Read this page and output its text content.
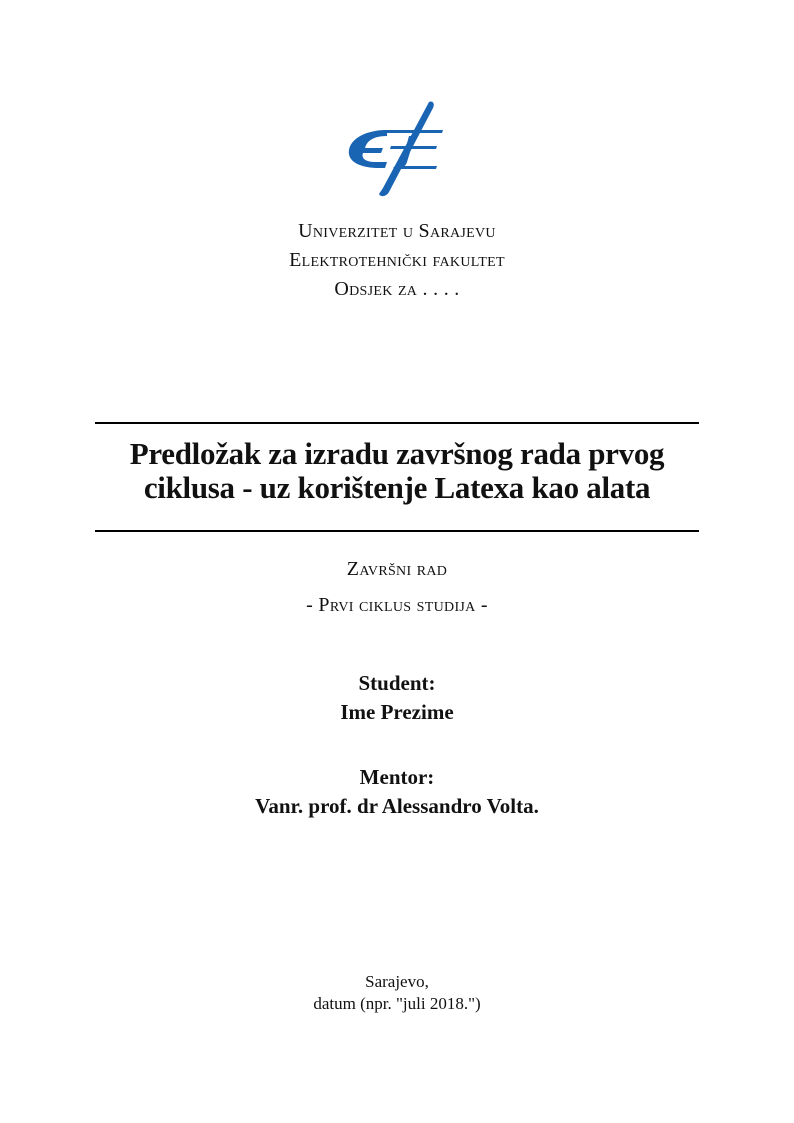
Univerzitet u Sarajevu
Elektrotehnički fakultet
Odsjek za . . . .
Predložak za izradu završnog rada prvog
ciklusa - uz korištenje Latexa kao alata
Završni rad
- Prvi ciklus studija -
Student:
Ime Prezime
Mentor:
Vanr. prof. dr Alessandro Volta.
Sarajevo,
datum (npr. "juli 2018.")
